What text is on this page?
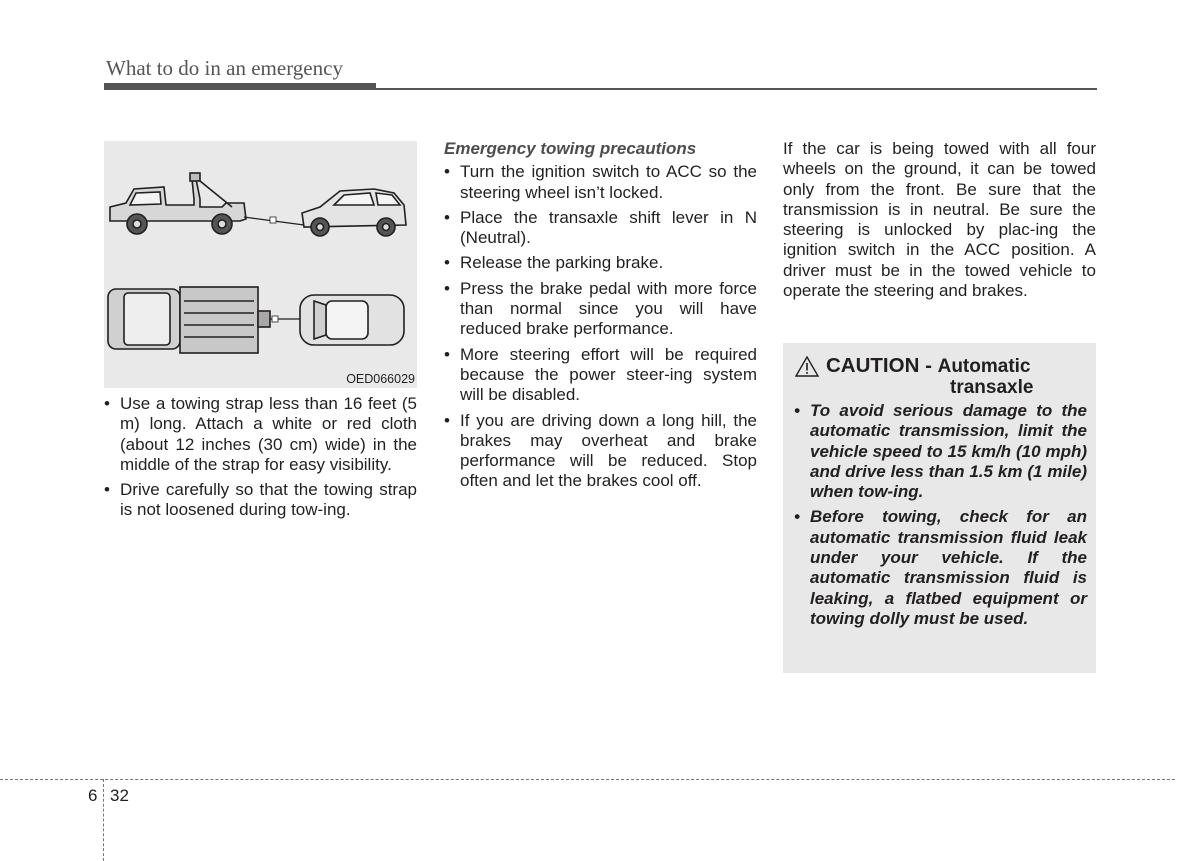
What to do in an emergency
OED066029
• Use a towing strap less than 16 feet (5 m) long. Attach a white or red cloth (about 12 inches (30 cm) wide) in the middle of the strap for easy visibility.
• Drive carefully so that the towing strap is not loosened during tow-ing.
Emergency towing precautions
• Turn the ignition switch to ACC so the steering wheel isn’t locked.
• Place the transaxle shift lever in N (Neutral).
• Release the parking brake.
• Press the brake pedal with more force than normal since you will have reduced brake performance.
• More steering effort will be required because the power steer-ing system will be disabled.
• If you are driving down a long hill, the brakes may overheat and brake performance will be reduced. Stop often and let the brakes cool off.

If the car is being towed with all four wheels on the ground, it can be towed only from the front. Be sure that the transmission is in neutral. Be sure the steering is unlocked by plac-ing the ignition switch in the ACC position. A driver must be in the towed vehicle to operate the steering and brakes.

CAUTION - Automatic
transaxle
• To avoid serious damage to the automatic transmission, limit the vehicle speed to 15 km/h (10 mph) and drive less than 1.5 km (1 mile) when tow-ing.
• Before towing, check for an automatic transmission fluid leak under your vehicle. If the automatic transmission fluid is leaking, a flatbed equipment or towing dolly must be used.
6 32
